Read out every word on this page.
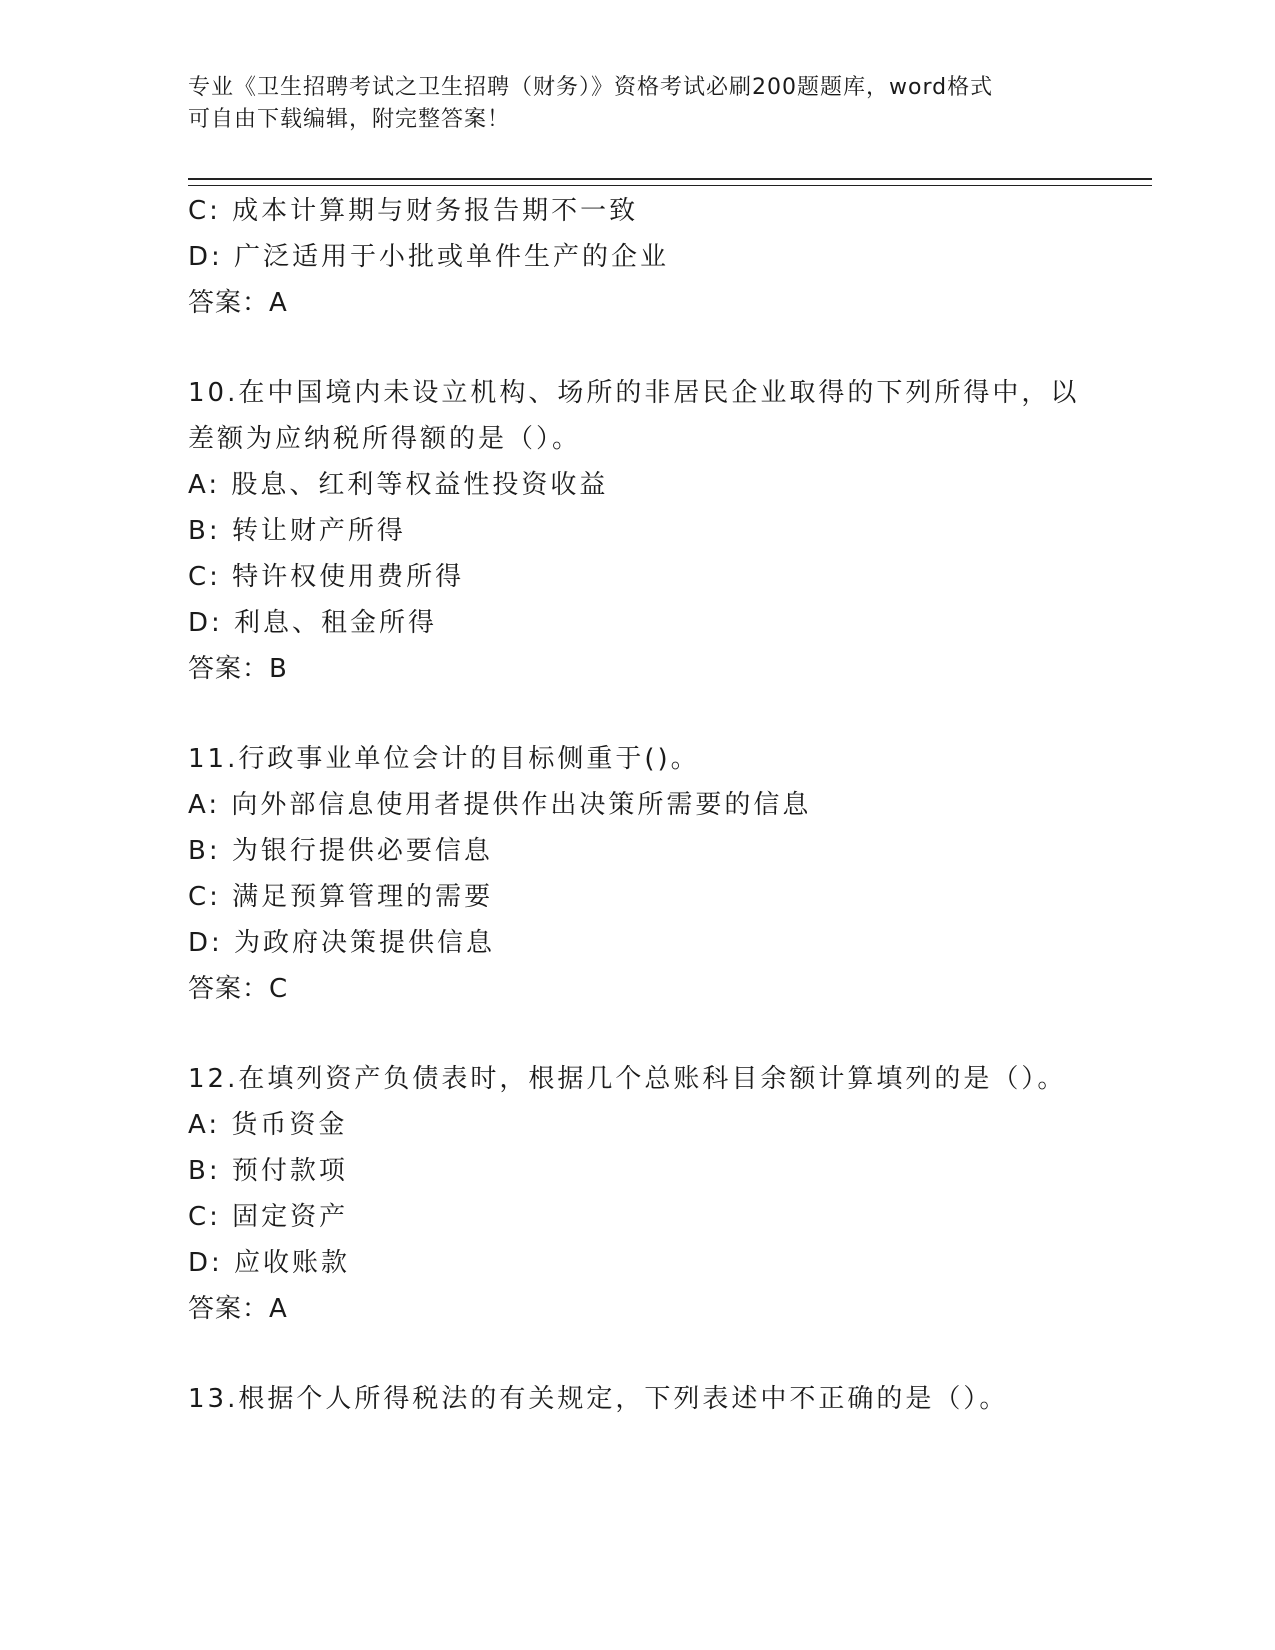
专业《卫生招聘考试之卫生招聘（财务）》资格考试必刷200题题库，word格式
可自由下载编辑，附完整答案！
C: 成本计算期与财务报告期不一致
D: 广泛适用于小批或单件生产的企业
答案：A
10.在中国境内未设立机构、场所的非居民企业取得的下列所得中，以
差额为应纳税所得额的是（）。
A: 股息、红利等权益性投资收益
B: 转让财产所得
C: 特许权使用费所得
D: 利息、租金所得
答案：B
11.行政事业单位会计的目标侧重于()。
A: 向外部信息使用者提供作出决策所需要的信息
B: 为银行提供必要信息
C: 满足预算管理的需要
D: 为政府决策提供信息
答案：C
12.在填列资产负债表时，根据几个总账科目余额计算填列的是（）。
A: 货币资金
B: 预付款项
C: 固定资产
D: 应收账款
答案：A
13.根据个人所得税法的有关规定，下列表述中不正确的是（）。
